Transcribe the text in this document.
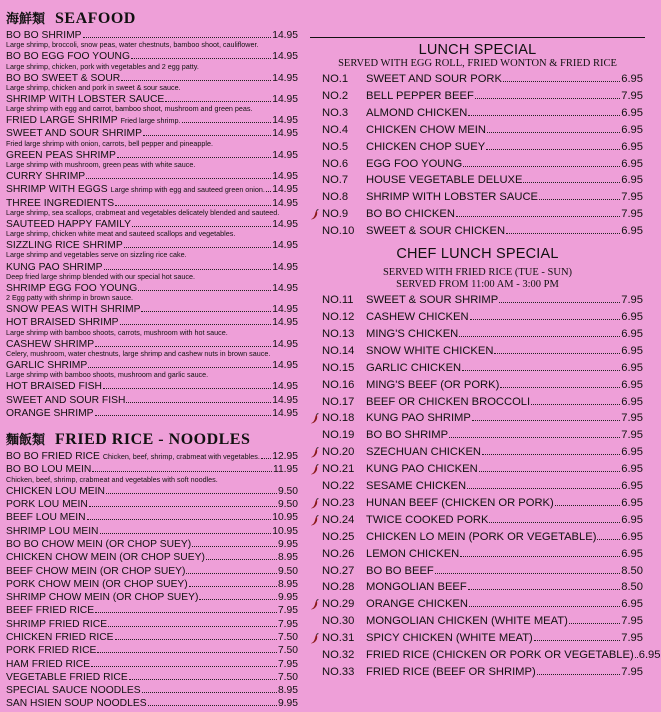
海鮮類 SEAFOOD
BO BO SHRIMP	14.95
Large shrimp, broccoli, snow peas, water chestnuts, bamboo shoot, cauliflower.
BO BO EGG FOO YOUNG	14.95
Large shrimp, chicken, pork with vegetables and 2 egg patty.
BO BO SWEET & SOUR	14.95
Large shrimp, chicken and pork in sweet & sour sauce.
SHRIMP WITH LOBSTER SAUCE	14.95
Large shrimp with egg and carrot, bamboo shoot, mushroom and green peas.
FRIED LARGE SHRIMP Fried large shrimp.	14.95
SWEET AND SOUR SHRIMP	14.95
Fried large shrimp with onion, carrots, bell pepper and pineapple.
GREEN PEAS SHRIMP	14.95
Large shrimp with mushroom, green peas with white sauce.
CURRY SHRIMP	14.95
SHRIMP WITH EGGS Large shrimp with egg and sauteed green onion. 14.95
THREE INGREDIENTS	14.95
Large shrimp, sea scallops, crabmeat and vegetables delicately blended and sauteed.
SAUTEED HAPPY FAMILY	14.95
Large shrimp, chicken white meat and sauteed scallops and vegetables.
SIZZLING RICE SHRIMP	14.95
Large shrimp and vegetables serve on sizzling rice cake.
KUNG PAO SHRIMP	14.95
Deep fried large shrimp blended with our special hot sauce.
SHRIMP EGG FOO YOUNG	14.95
2 Egg patty with shrimp in brown sauce.
SNOW PEAS WITH SHRIMP	14.95
HOT BRAISED SHRIMP	14.95
Large shrimp with bamboo shoots, carrots, mushroom with hot sauce.
CASHEW SHRIMP	14.95
Celery, mushroom, water chestnuts, large shrimp and cashew nuts in brown sauce.
GARLIC SHRIMP	14.95
Large shrimp with bamboo shoots, mushroom and garlic sauce.
HOT BRAISED FISH	14.95
SWEET AND SOUR FISH	14.95
ORANGE SHRIMP	14.95
麵飯類 FRIED RICE - NOODLES
BO BO FRIED RICE Chicken, beef, shrimp, crabmeat with vegetables. 12.95
BO BO LOU MEIN	11.95
Chicken, beef, shrimp, crabmeat and vegetables with soft noodles.
CHICKEN LOU MEIN	9.50
PORK LOU MEIN	9.50
BEEF LOU MEIN	10.95
SHRIMP LOU MEIN	10.95
BO BO CHOW MEIN (OR CHOP SUEY)	9.95
CHICKEN CHOW MEIN (OR CHOP SUEY)	8.95
BEEF CHOW MEIN (OR CHOP SUEY)	9.50
PORK CHOW MEIN (OR CHOP SUEY)	8.95
SHRIMP CHOW MEIN (OR CHOP SUEY)	9.95
BEEF FRIED RICE	7.95
SHRIMP FRIED RICE	7.95
CHICKEN FRIED RICE	7.50
PORK FRIED RICE	7.50
HAM FRIED RICE	7.95
VEGETABLE FRIED RICE	7.50
SPECIAL SAUCE NOODLES	8.95
SAN HSIEN SOUP NOODLES	9.95
LUNCH SPECIAL
SERVED WITH EGG ROLL, FRIED WONTON & FRIED RICE
NO.1	SWEET AND SOUR PORK	6.95
NO.2	BELL PEPPER BEEF	7.95
NO.3	ALMOND CHICKEN	6.95
NO.4	CHICKEN CHOW MEIN	6.95
NO.5	CHICKEN CHOP SUEY	6.95
NO.6	EGG FOO YOUNG	6.95
NO.7	HOUSE VEGETABLE DELUXE	6.95
NO.8	SHRIMP WITH LOBSTER SAUCE	7.95
NO.9	BO BO CHICKEN	7.95
NO.10	SWEET & SOUR CHICKEN	6.95
CHEF LUNCH SPECIAL
SERVED WITH FRIED RICE (TUE - SUN)
SERVED FROM 11:00 AM - 3:00 PM
NO.11	SWEET & SOUR SHRIMP	7.95
NO.12	CASHEW CHICKEN	6.95
NO.13	MING'S CHICKEN	6.95
NO.14	SNOW WHITE CHICKEN	6.95
NO.15	GARLIC CHICKEN	6.95
NO.16	MING'S BEEF (OR PORK)	6.95
NO.17	BEEF OR CHICKEN BROCCOLI	6.95
NO.18	KUNG PAO SHRIMP	7.95
NO.19	BO BO SHRIMP	7.95
NO.20	SZECHUAN CHICKEN	6.95
NO.21	KUNG PAO CHICKEN	6.95
NO.22	SESAME CHICKEN	6.95
NO.23	HUNAN BEEF (CHICKEN OR PORK)	6.95
NO.24	TWICE COOKED PORK	6.95
NO.25	CHICKEN LO MEIN (PORK OR VEGETABLE) 6.95
NO.26	LEMON CHICKEN	6.95
NO.27	BO BO BEEF	8.50
NO.28	MONGOLIAN BEEF	8.50
NO.29	ORANGE CHICKEN	6.95
NO.30	MONGOLIAN CHICKEN (WHITE MEAT)	7.95
NO.31	SPICY CHICKEN (WHITE MEAT)	7.95
NO.32	FRIED RICE (CHICKEN OR PORK OR VEGETABLE) 6.95
NO.33	FRIED RICE (BEEF OR SHRIMP)	7.95
